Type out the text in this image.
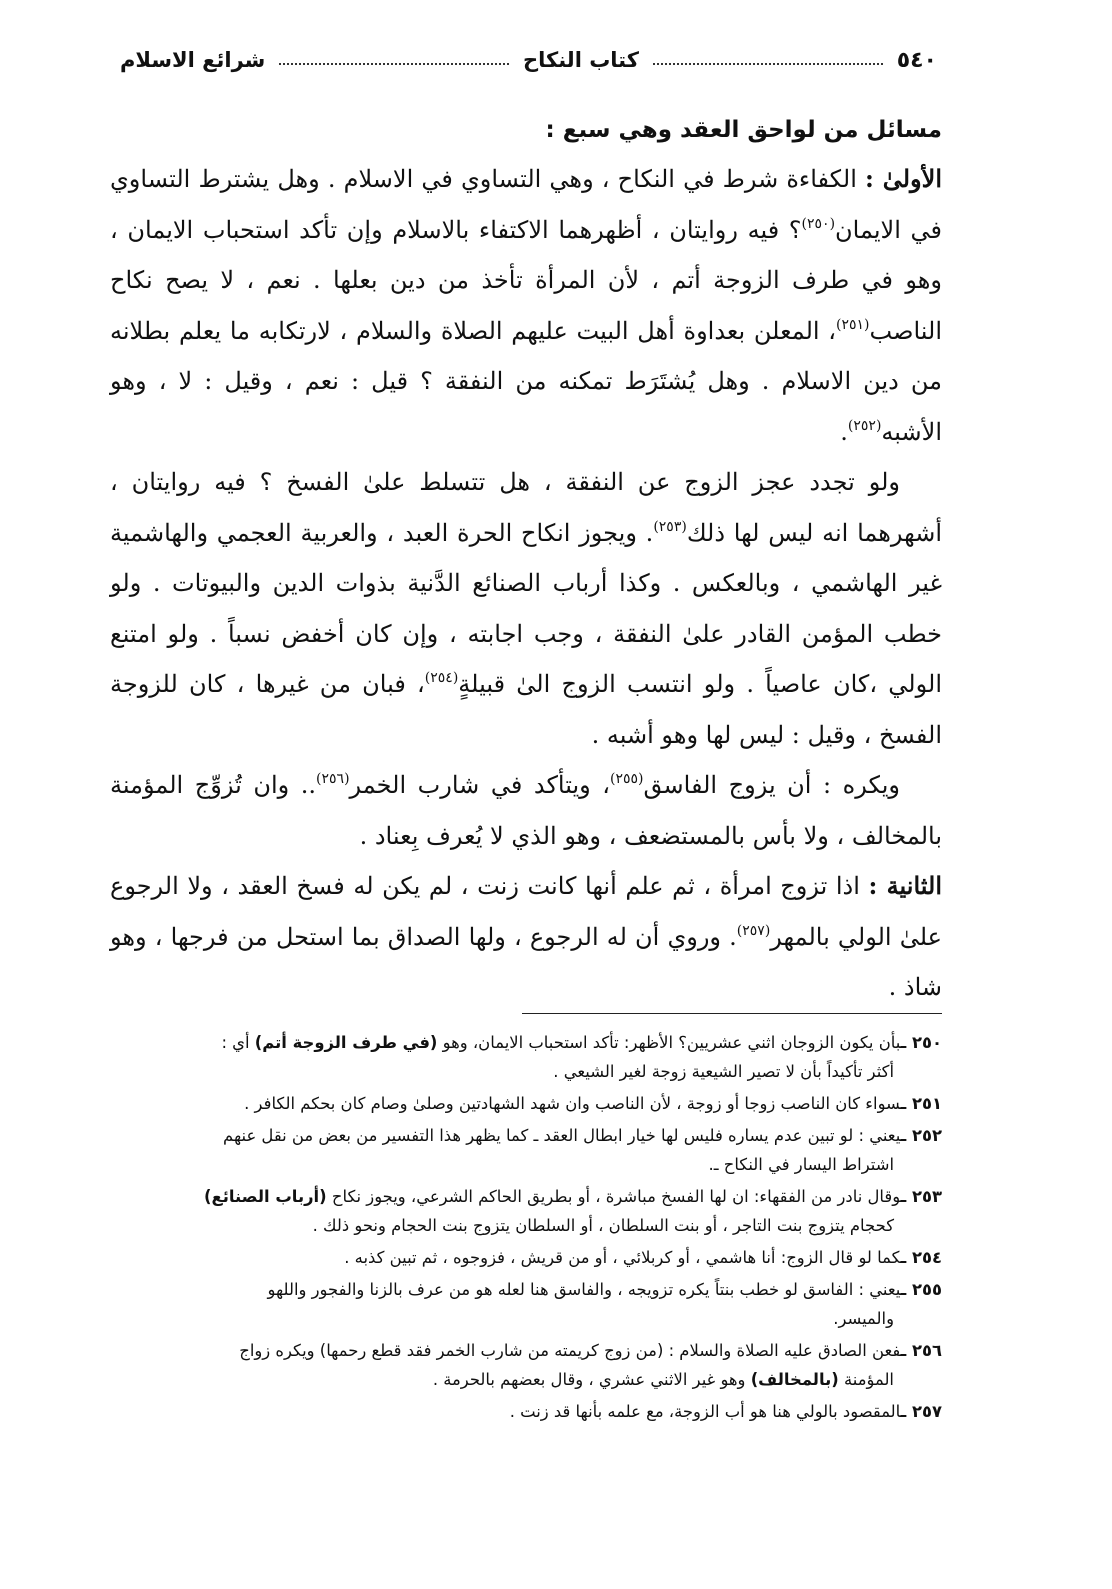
٥٤٠
كتاب النكاح
شرائع الاسلام
مسائل من لواحق العقد وهي سبع :

الأولىٰ : الكفاءة شرط في النكاح ، وهي التساوي في الاسلام . وهل يشترط التساوي في الايمان$^{(٢٥٠)}$؟ فيه روايتان ، أظهرهما الاكتفاء بالاسلام وإن تأكد استحباب الايمان ، وهو في طرف الزوجة أتم ، لأن المرأة تأخذ من دين بعلها . نعم ، لا يصح نكاح الناصب$^{(٢٥١)}$، المعلن بعداوة أهل البيت عليهم الصلاة والسلام ، لارتكابه ما يعلم بطلانه من دين الاسلام . وهل يُشتَرَط تمكنه من النفقة ؟ قيل : نعم ، وقيل : لا ، وهو الأشبه$^{(٢٥٢)}$.

ولو تجدد عجز الزوج عن النفقة ، هل تتسلط علىٰ الفسخ ؟ فيه روايتان ، أشهرهما انه ليس لها ذلك$^{(٢٥٣)}$. ويجوز انكاح الحرة العبد ، والعربية العجمي والهاشمية غير الهاشمي ، وبالعكس . وكذا أرباب الصنائع الدَّنية بذوات الدين والبيوتات . ولو خطب المؤمن القادر علىٰ النفقة ، وجب اجابته ، وإن كان أخفض نسباً . ولو امتنع الولي ،كان عاصياً . ولو انتسب الزوج الىٰ قبيلةٍ$^{(٢٥٤)}$، فبان من غيرها ، كان للزوجة الفسخ ، وقيل : ليس لها وهو أشبه .

ويكره : أن يزوج الفاسق$^{(٢٥٥)}$، ويتأكد في شارب الخمر$^{(٢٥٦)}$.. وان تُزوِّج المؤمنة بالمخالف ، ولا بأس بالمستضعف ، وهو الذي لا يُعرف بِعناد .

الثانية : اذا تزوج امرأة ، ثم علم أنها كانت زنت ، لم يكن له فسخ العقد ، ولا الرجوع علىٰ الولي بالمهر$^{(٢٥٧)}$. وروي أن له الرجوع ، ولها الصداق بما استحل من فرجها ، وهو شاذ .

٢٥٠ ـبأن يكون الزوجان اثني عشريين؟ الأظهر: تأكد استحباب الايمان، وهو (في طرف الزوجة أتم) أي :
أكثر تأكيداً بأن لا تصير الشيعية زوجة لغير الشيعي .
٢٥١ ـسواء كان الناصب زوجا أو زوجة ، لأن الناصب وان شهد الشهادتين وصلىٰ وصام كان بحكم الكافر .
٢٥٢ ـيعني : لو تبين عدم يساره فليس لها خيار ابطال العقد ـ كما يظهر هذا التفسير من بعض من نقل عنهم
اشتراط اليسار في النكاح ـ.
٢٥٣ ـوقال نادر من الفقهاء: ان لها الفسخ مباشرة ، أو بطريق الحاكم الشرعي، ويجوز نكاح (أرباب الصنائع)
كحجام يتزوج بنت التاجر ، أو بنت السلطان ، أو السلطان يتزوج بنت الحجام ونحو ذلك .
٢٥٤ ـكما لو قال الزوج: أنا هاشمي ، أو كربلائي ، أو من قريش ، فزوجوه ، ثم تبين كذبه .
٢٥٥ ـيعني : الفاسق لو خطب بنتاً يكره تزويجه ، والفاسق هنا لعله هو من عرف بالزنا والفجور واللهو
والميسر.
٢٥٦ ـفعن الصادق عليه الصلاة والسلام : (من زوج كريمته من شارب الخمر فقد قطع رحمها) ويكره زواج
المؤمنة (بالمخالف) وهو غير الاثني عشري ، وقال بعضهم بالحرمة .
٢٥٧ ـالمقصود بالولي هنا هو أب الزوجة، مع علمه بأنها قد زنت .
